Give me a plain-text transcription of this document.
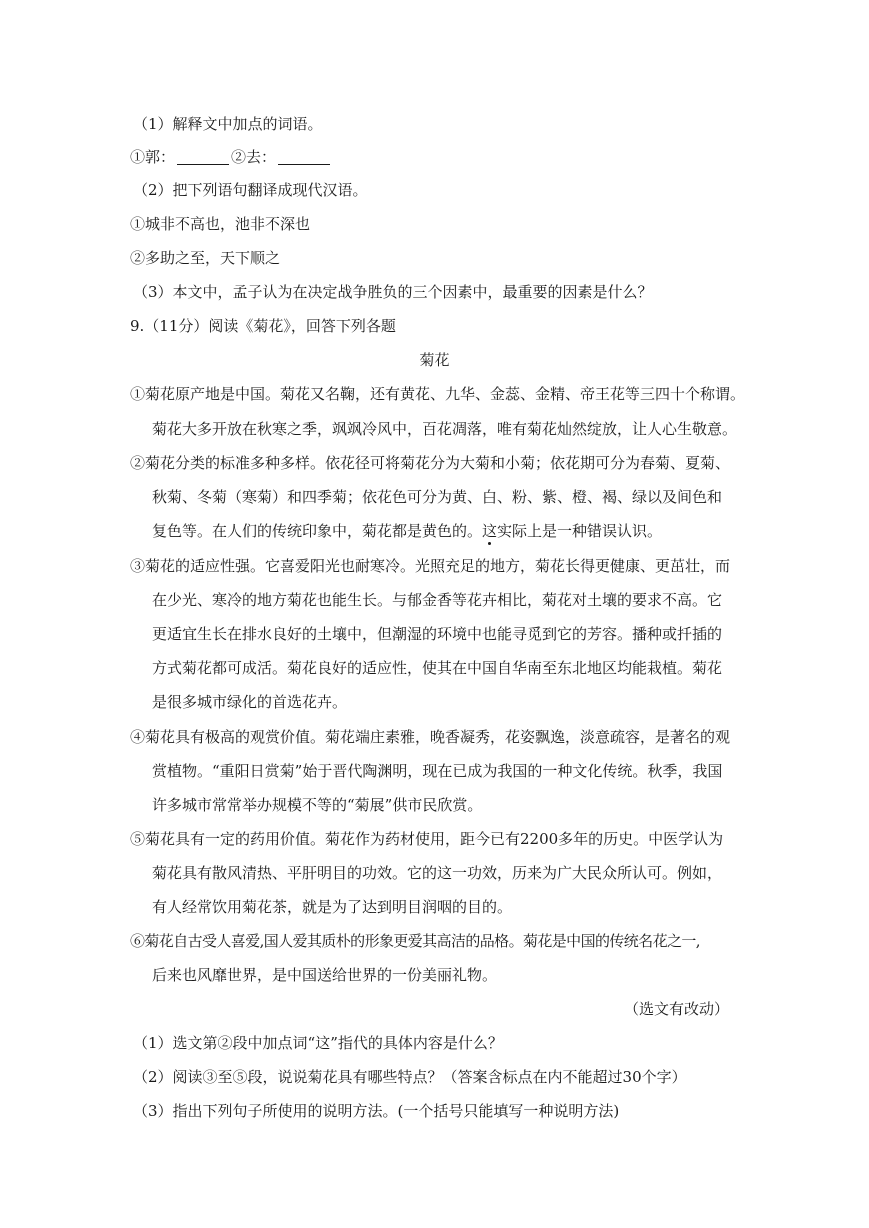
（1）解释文中加点的词语。
①郭：	②去：
（2）把下列语句翻译成现代汉语。
①城非不高也，池非不深也
②多助之至，天下顺之
（3）本文中，孟子认为在决定战争胜负的三个因素中，最重要的因素是什么？
9.（11分）阅读《菊花》，回答下列各题
菊花
①菊花原产地是中国。菊花又名鞠，还有黄花、九华、金蕊、金精、帝王花等三四十个称谓。
菊花大多开放在秋寒之季，飒飒冷风中，百花凋落，唯有菊花灿然绽放，让人心生敬意。
②菊花分类的标准多种多样。依花径可将菊花分为大菊和小菊；依花期可分为春菊、夏菊、
秋菊、冬菊（寒菊）和四季菊；依花色可分为黄、白、粉、紫、橙、褐、绿以及间色和
复色等。在人们的传统印象中，菊花都是黄色的。这实际上是一种错误认识。
③菊花的适应性强。它喜爱阳光也耐寒冷。光照充足的地方，菊花长得更健康、更茁壮，而
在少光、寒冷的地方菊花也能生长。与郁金香等花卉相比，菊花对土壤的要求不高。它
更适宜生长在排水良好的土壤中，但潮湿的环境中也能寻觅到它的芳容。播种或扦插的
方式菊花都可成活。菊花良好的适应性，使其在中国自华南至东北地区均能栽植。菊花
是很多城市绿化的首选花卉。
④菊花具有极高的观赏价值。菊花端庄素雅，晚香凝秀，花姿飘逸，淡意疏容，是著名的观
赏植物。“重阳日赏菊”始于晋代陶渊明，现在已成为我国的一种文化传统。秋季，我国
许多城市常常举办规模不等的“菊展”供市民欣赏。
⑤菊花具有一定的药用价值。菊花作为药材使用，距今已有2200多年的历史。中医学认为
菊花具有散风清热、平肝明目的功效。它的这一功效，历来为广大民众所认可。例如，
有人经常饮用菊花茶，就是为了达到明目润咽的目的。
⑥菊花自古受人喜爱,国人爱其质朴的形象更爱其高洁的品格。菊花是中国的传统名花之一,
后来也风靡世界，是中国送给世界的一份美丽礼物。
（选文有改动）
（1）选文第②段中加点词“这”指代的具体内容是什么？
（2）阅读③至⑤段，说说菊花具有哪些特点？（答案含标点在内不能超过30个字）
（3）指出下列句子所使用的说明方法。(一个括号只能填写一种说明方法)
